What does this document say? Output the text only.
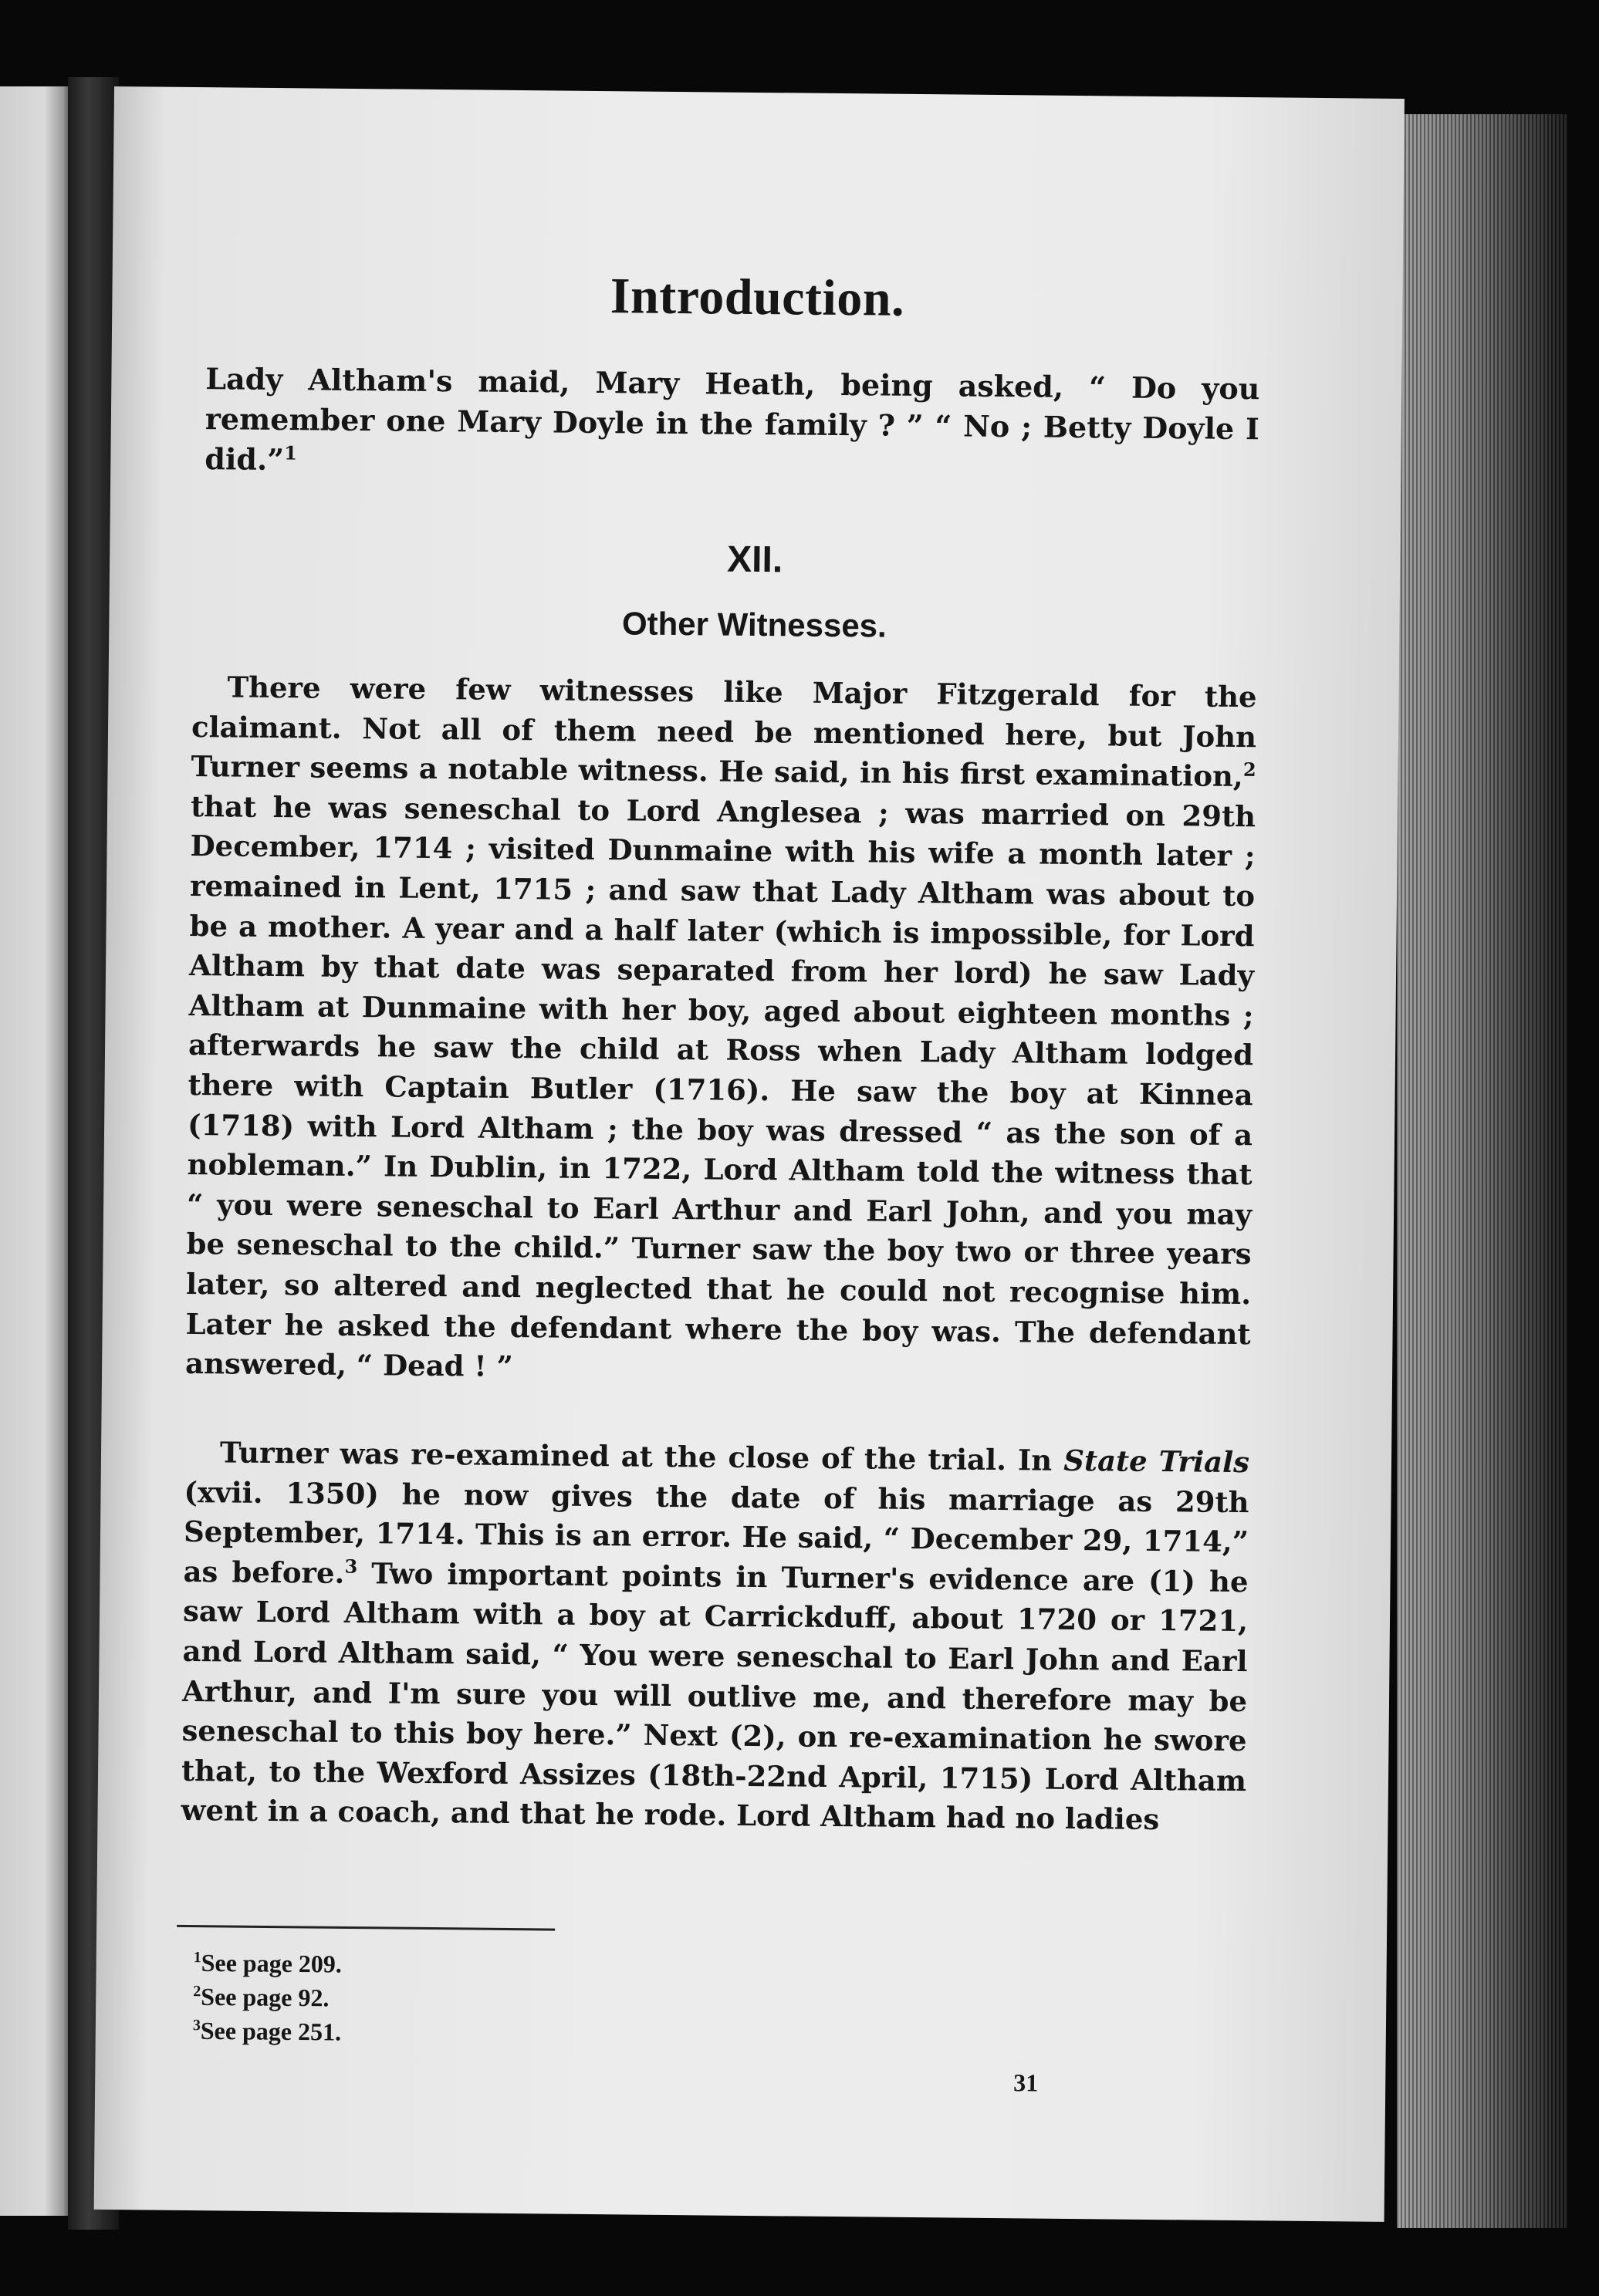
Introduction.
Lady Altham's maid, Mary Heath, being asked, “ Do you remember one Mary Doyle in the family ? ” “ No ; Betty Doyle I did.”$^1$
XII.
Other Witnesses.

There were few witnesses like Major Fitzgerald for the claimant. Not all of them need be mentioned here, but John Turner seems a notable witness. He said, in his first examination,$^2$ that he was seneschal to Lord Anglesea ; was married on 29th December, 1714 ; visited Dunmaine with his wife a month later ; remained in Lent, 1715 ; and saw that Lady Altham was about to be a mother. A year and a half later (which is impossible, for Lord Altham by that date was separated from her lord) he saw Lady Altham at Dunmaine with her boy, aged about eighteen months ; afterwards he saw the child at Ross when Lady Altham lodged there with Captain Butler (1716). He saw the boy at Kinnea (1718) with Lord Altham ; the boy was dressed “ as the son of a nobleman.” In Dublin, in 1722, Lord Altham told the witness that “ you were seneschal to Earl Arthur and Earl John, and you may be seneschal to the child.” Turner saw the boy two or three years later, so altered and neglected that he could not recognise him. Later he asked the defendant where the boy was. The defendant answered, “ Dead ! ”

Turner was re-examined at the close of the trial. In State Trials (xvii. 1350) he now gives the date of his marriage as 29th September, 1714. This is an error. He said, “ December 29, 1714,” as before.$^3$ Two important points in Turner's evidence are (1) he saw Lord Altham with a boy at Carrickduff, about 1720 or 1721, and Lord Altham said, “ You were seneschal to Earl John and Earl Arthur, and I'm sure you will outlive me, and therefore may be seneschal to this boy here.” Next (2), on re-examination he swore that, to the Wexford Assizes (18th-22nd April, 1715) Lord Altham went in a coach, and that he rode. Lord Altham had no ladies

$^1$See page 209.
$^2$See page 92.
$^3$See page 251.
31
